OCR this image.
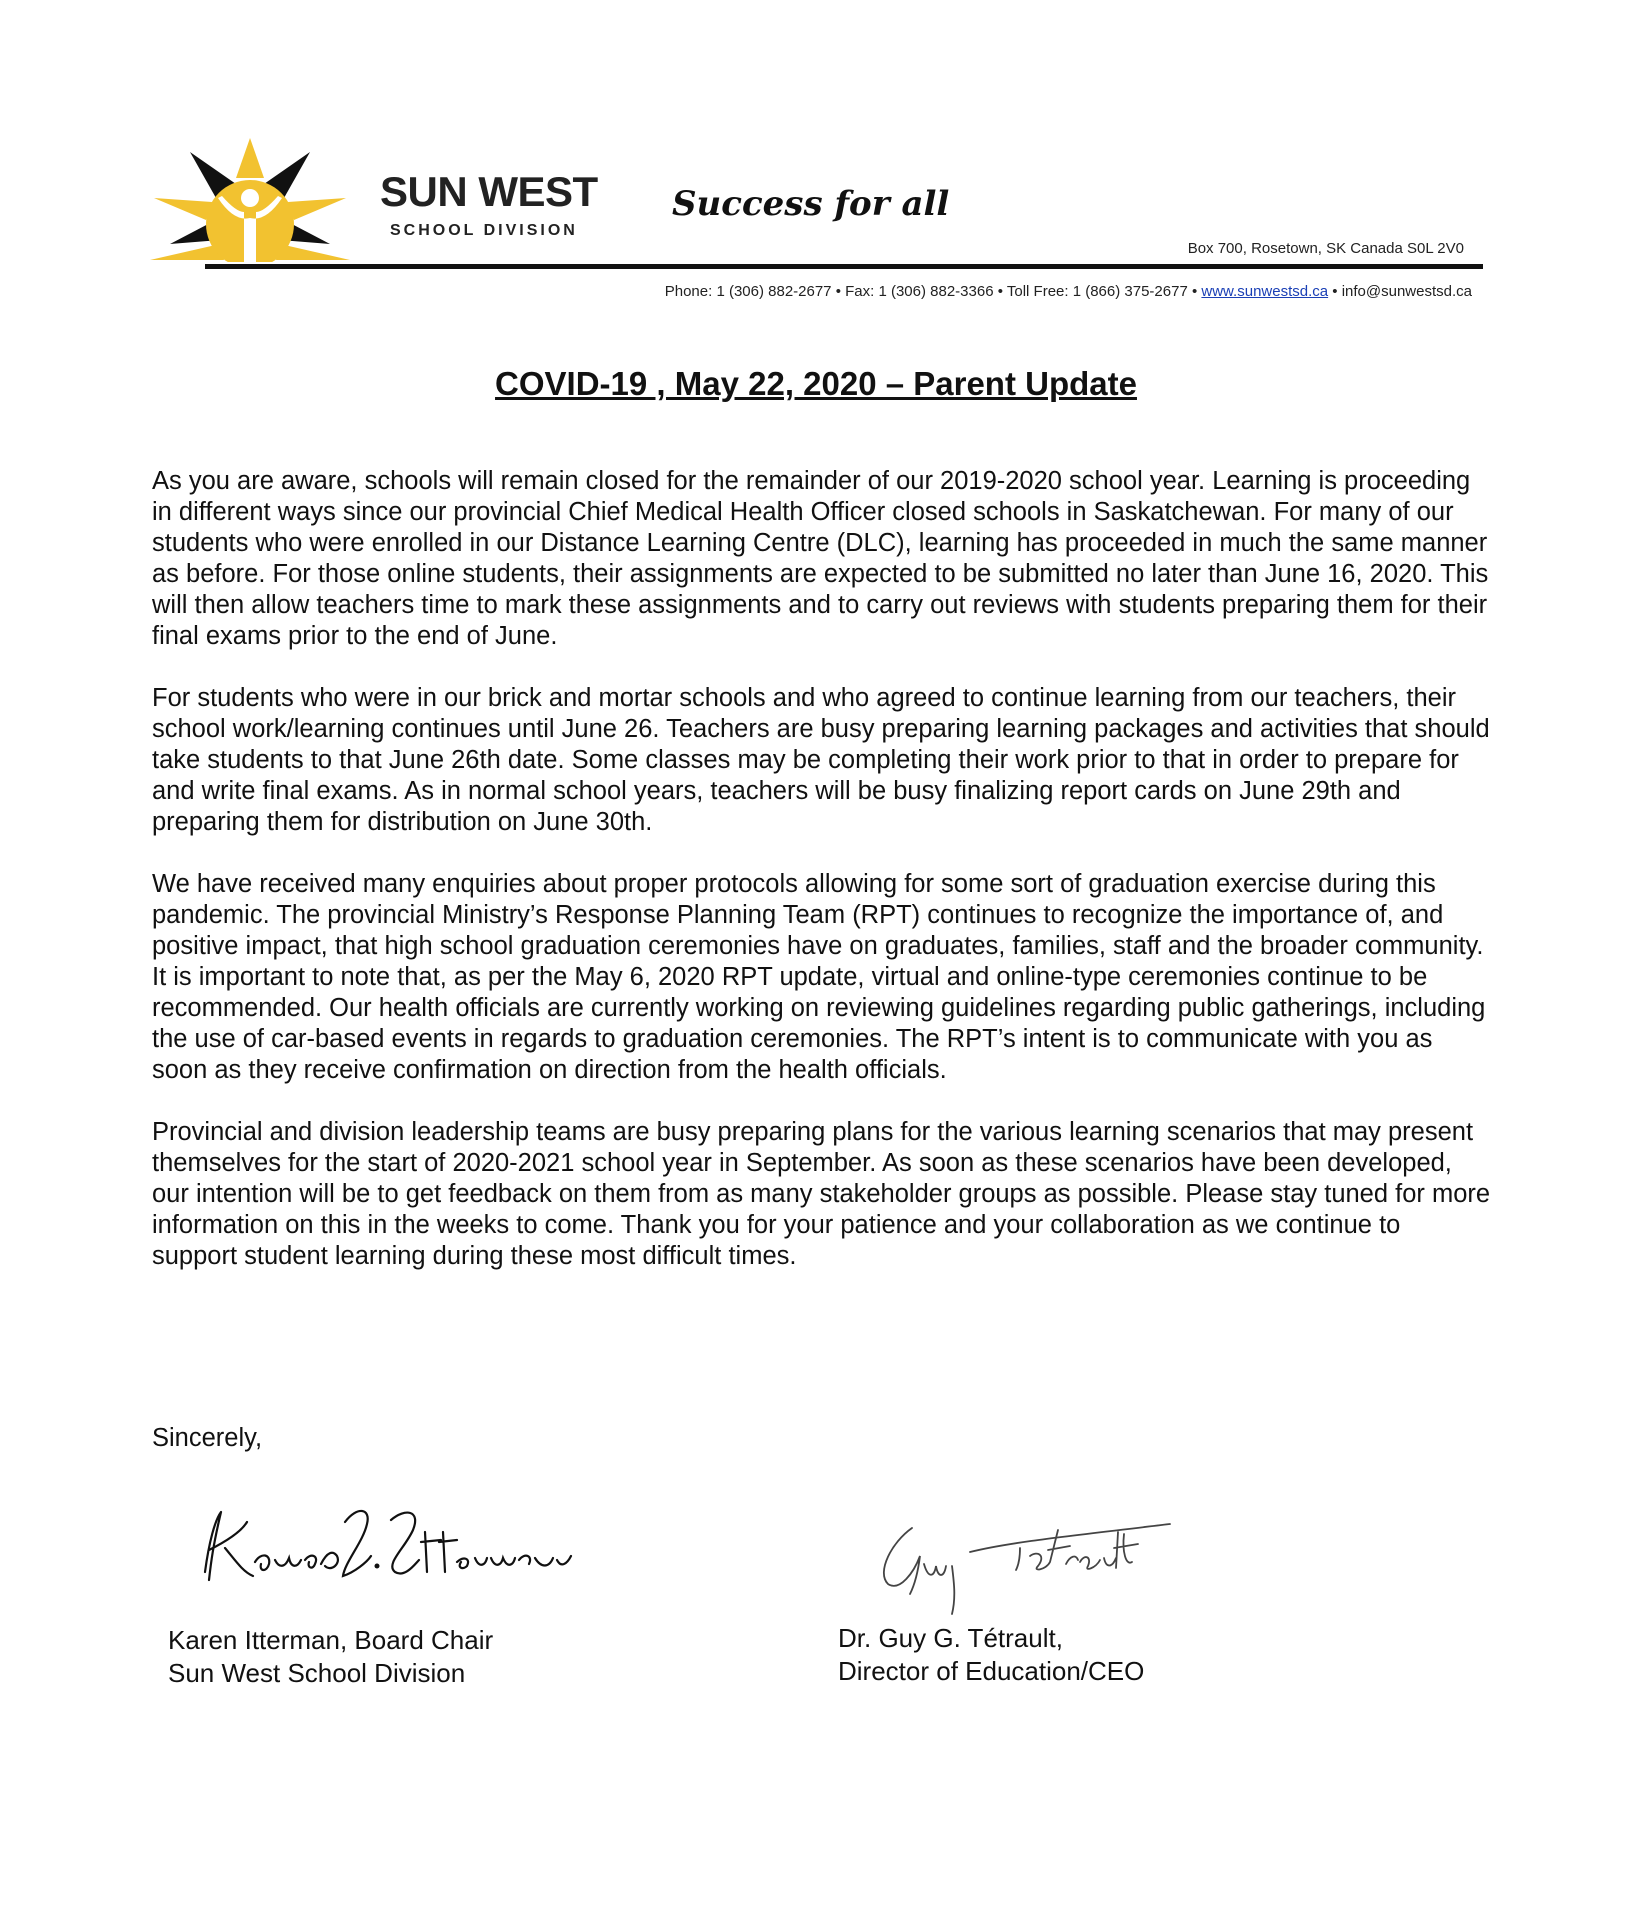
SUN WEST
SCHOOL DIVISION
Success for all
Box 700, Rosetown, SK Canada S0L 2V0
Phone: 1 (306) 882-2677 • Fax: 1 (306) 882-3366 • Toll Free: 1 (866) 375-2677 • www.sunwestsd.ca • info@sunwestsd.ca
COVID-19 , May 22, 2020 – Parent Update

As you are aware, schools will remain closed for the remainder of our 2019-2020 school year. Learning is proceeding in different ways since our provincial Chief Medical Health Officer closed schools in Saskatchewan. For many of our students who were enrolled in our Distance Learning Centre (DLC), learning has proceeded in much the same manner as before. For those online students, their assignments are expected to be submitted no later than June 16, 2020. This will then allow teachers time to mark these assignments and to carry out reviews with students preparing them for their final exams prior to the end of June.

For students who were in our brick and mortar schools and who agreed to continue learning from our teachers, their school work/learning continues until June 26. Teachers are busy preparing learning packages and activities that should take students to that June 26th date. Some classes may be completing their work prior to that in order to prepare for and write final exams. As in normal school years, teachers will be busy finalizing report cards on June 29th and preparing them for distribution on June 30th.

We have received many enquiries about proper protocols allowing for some sort of graduation exercise during this pandemic. The provincial Ministry’s Response Planning Team (RPT) continues to recognize the importance of, and positive impact, that high school graduation ceremonies have on graduates, families, staff and the broader community. It is important to note that, as per the May 6, 2020 RPT update, virtual and online-type ceremonies continue to be recommended. Our health officials are currently working on reviewing guidelines regarding public gatherings, including the use of car-based events in regards to graduation ceremonies. The RPT’s intent is to communicate with you as soon as they receive confirmation on direction from the health officials.

Provincial and division leadership teams are busy preparing plans for the various learning scenarios that may present themselves for the start of 2020-2021 school year in September. As soon as these scenarios have been developed, our intention will be to get feedback on them from as many stakeholder groups as possible. Please stay tuned for more information on this in the weeks to come. Thank you for your patience and your collaboration as we continue to support student learning during these most difficult times.

Sincerely,
Karen Itterman, Board Chair
Sun West School Division
Dr. Guy G. Tétrault,
Director of Education/CEO
